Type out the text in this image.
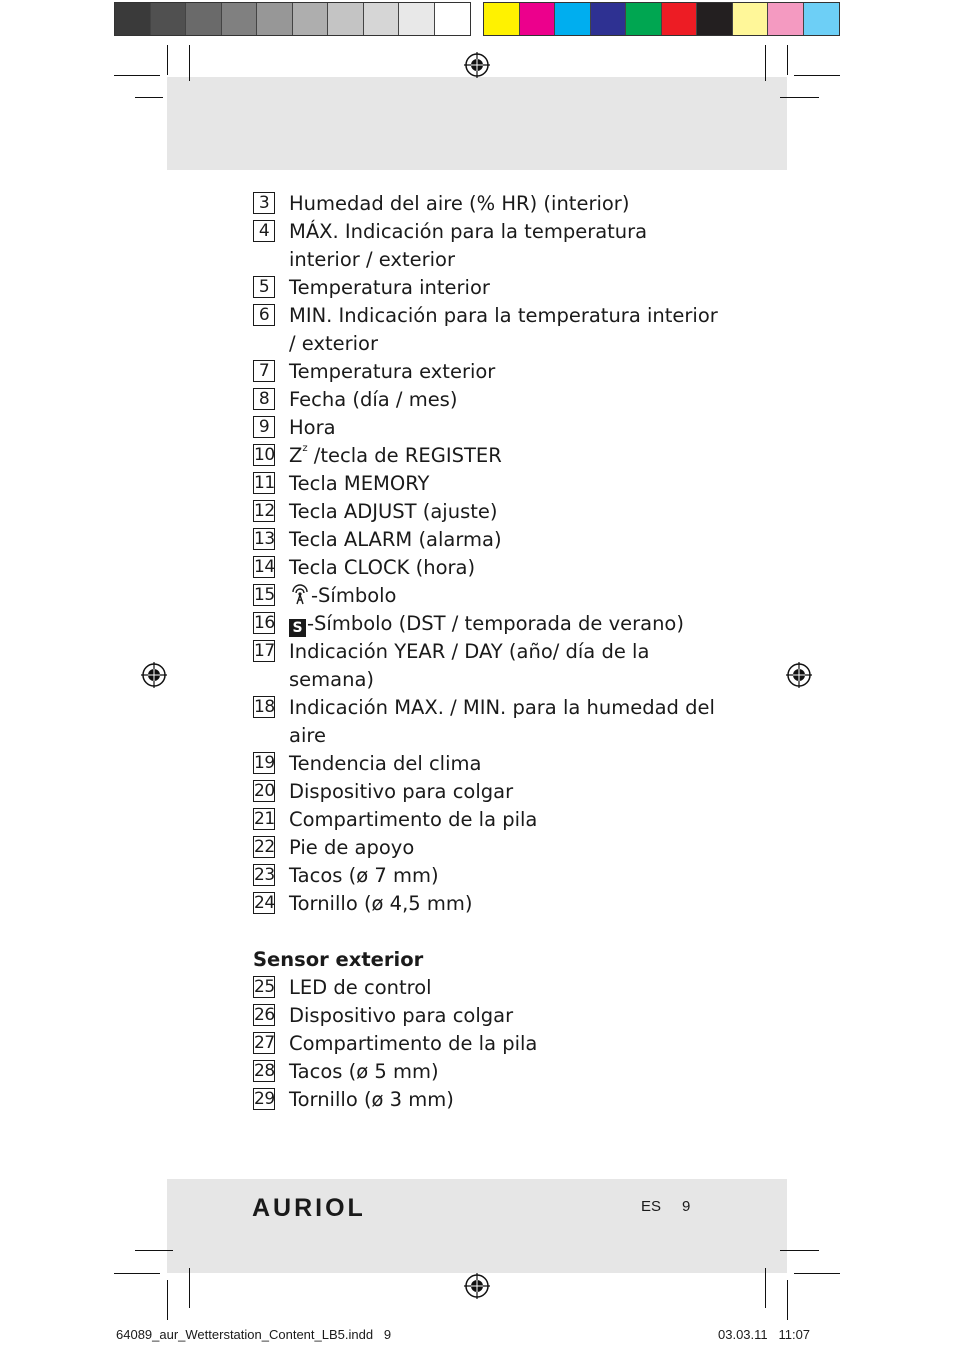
3 Humedad del aire (% HR) (interior)
4 MÁX. Indicación para la temperatura interior / exterior
5 Temperatura interior
6 MIN. Indicación para la temperatura interior / exterior
7 Temperatura exterior
8 Fecha (día / mes)
9 Hora
10 $Z^z$ /tecla de REGISTER
11 Tecla MEMORY
12 Tecla ADJUST (ajuste)
13 Tecla ALARM (alarma)
14 Tecla CLOCK (hora)
15	-Símbolo
16 S -Símbolo (DST / temporada de verano)
17 Indicación YEAR / DAY (año/ día de la semana)
18 Indicación MAX. / MIN. para la humedad del aire
19 Tendencia del clima
20 Dispositivo para colgar
21 Compartimento de la pila
22 Pie de apoyo
23 Tacos (ø 7 mm)
24 Tornillo (ø 4,5 mm)
Sensor exterior
25 LED de control
26 Dispositivo para colgar
27 Compartimento de la pila
28 Tacos (ø 5 mm)
29 Tornillo (ø 3 mm)
AURIOL	ES 9
64089_aur_Wetterstation_Content_LB5.indd   9	03.03.11   11:07
